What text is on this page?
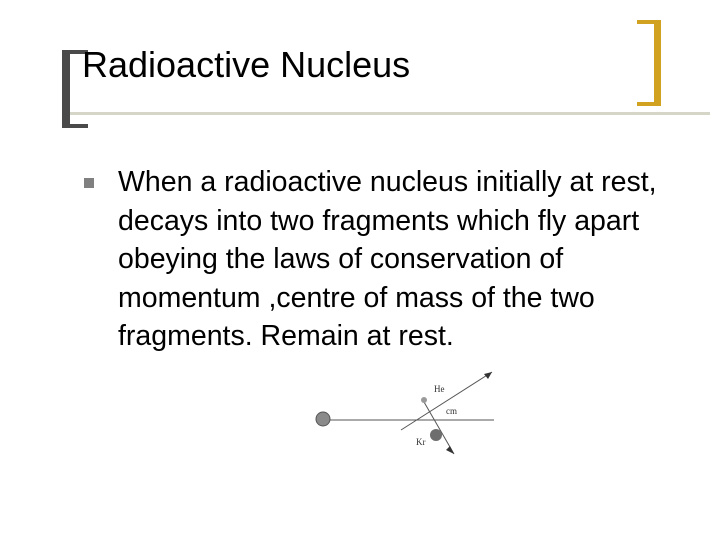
Radioactive Nucleus
When a radioactive nucleus initially at rest, decays into two fragments which fly apart obeying the laws of conservation of momentum ,centre of mass of the two fragments. Remain at rest.
He
cm
Kr
